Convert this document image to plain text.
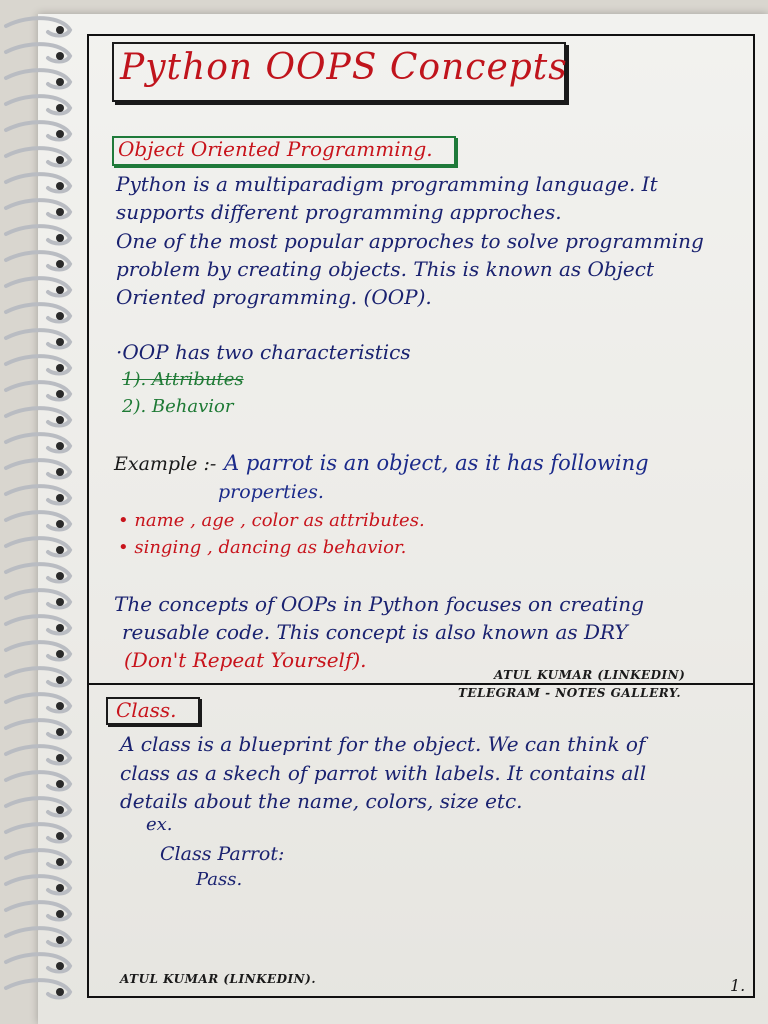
Python OOPS Concepts
Object Oriented Programming.
Python is a multiparadigm programming language. It
supports different programming approches.
One of the most popular approches to solve programming
problem by creating objects. This is known as Object
Oriented programming. (OOP).
·OOP has two characteristics
1). Attributes
2). Behavior
Example :- A parrot is an object, as it has following
properties.
• name , age , color as attributes.
• singing , dancing as behavior.
The concepts of OOPs in Python focuses on creating
reusable code. This concept is also known as DRY
(Don't Repeat Yourself).
ATUL KUMAR (LINKEDIN)
TELEGRAM - NOTES GALLERY.
Class.
A class is a blueprint for the object. We can think of
class as a skech of parrot with labels. It contains all
details about the name, colors, size etc.
ex.
Class Parrot:
Pass.
ATUL KUMAR (LINKEDIN).	1.
